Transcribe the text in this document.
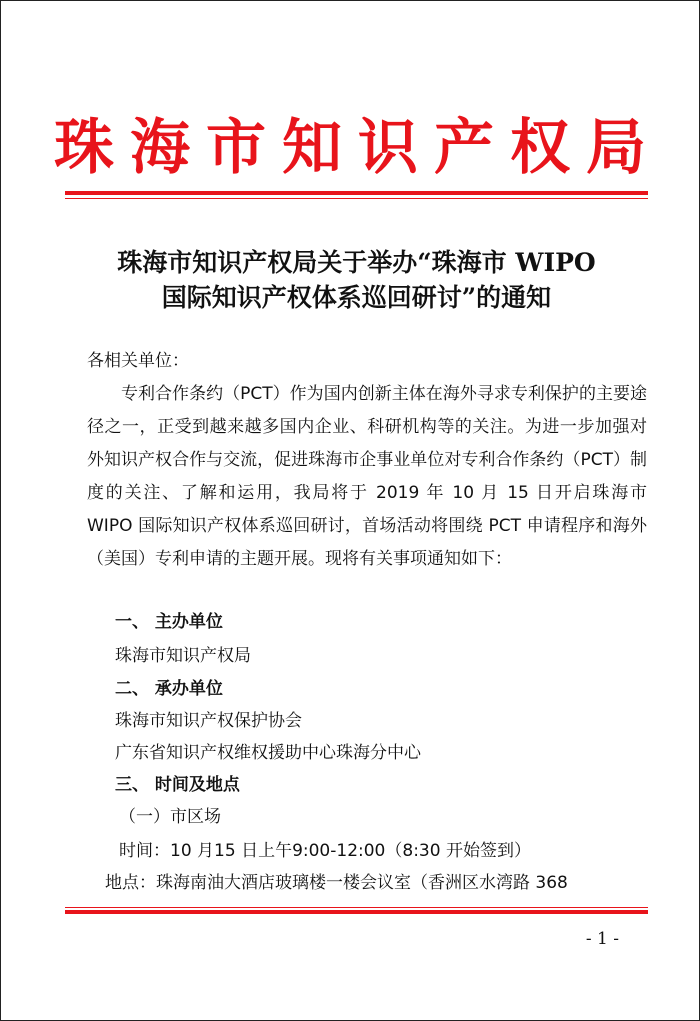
珠海市知识产权局
珠海市知识产权局关于举办“珠海市 WIPO
国际知识产权体系巡回研讨”的通知
各相关单位：
专利合作条约（PCT）作为国内创新主体在海外寻求专利保护的主要途径之一，正受到越来越多国内企业、科研机构等的关注。为进一步加强对外知识产权合作与交流，促进珠海市企事业单位对专利合作条约（PCT）制度的关注、了解和运用，我局将于 2019 年 10 月 15 日开启珠海市 WIPO 国际知识产权体系巡回研讨，首场活动将围绕 PCT 申请程序和海外（美国）专利申请的主题开展。现将有关事项通知如下：
一、 主办单位
珠海市知识产权局
二、 承办单位
珠海市知识产权保护协会
广东省知识产权维权援助中心珠海分中心
三、 时间及地点
（一）市区场
时间：10 月15 日上午9:00-12:00（8:30 开始签到）
地点：珠海南油大酒店玻璃楼一楼会议室（香洲区水湾路 368
- 1 -
